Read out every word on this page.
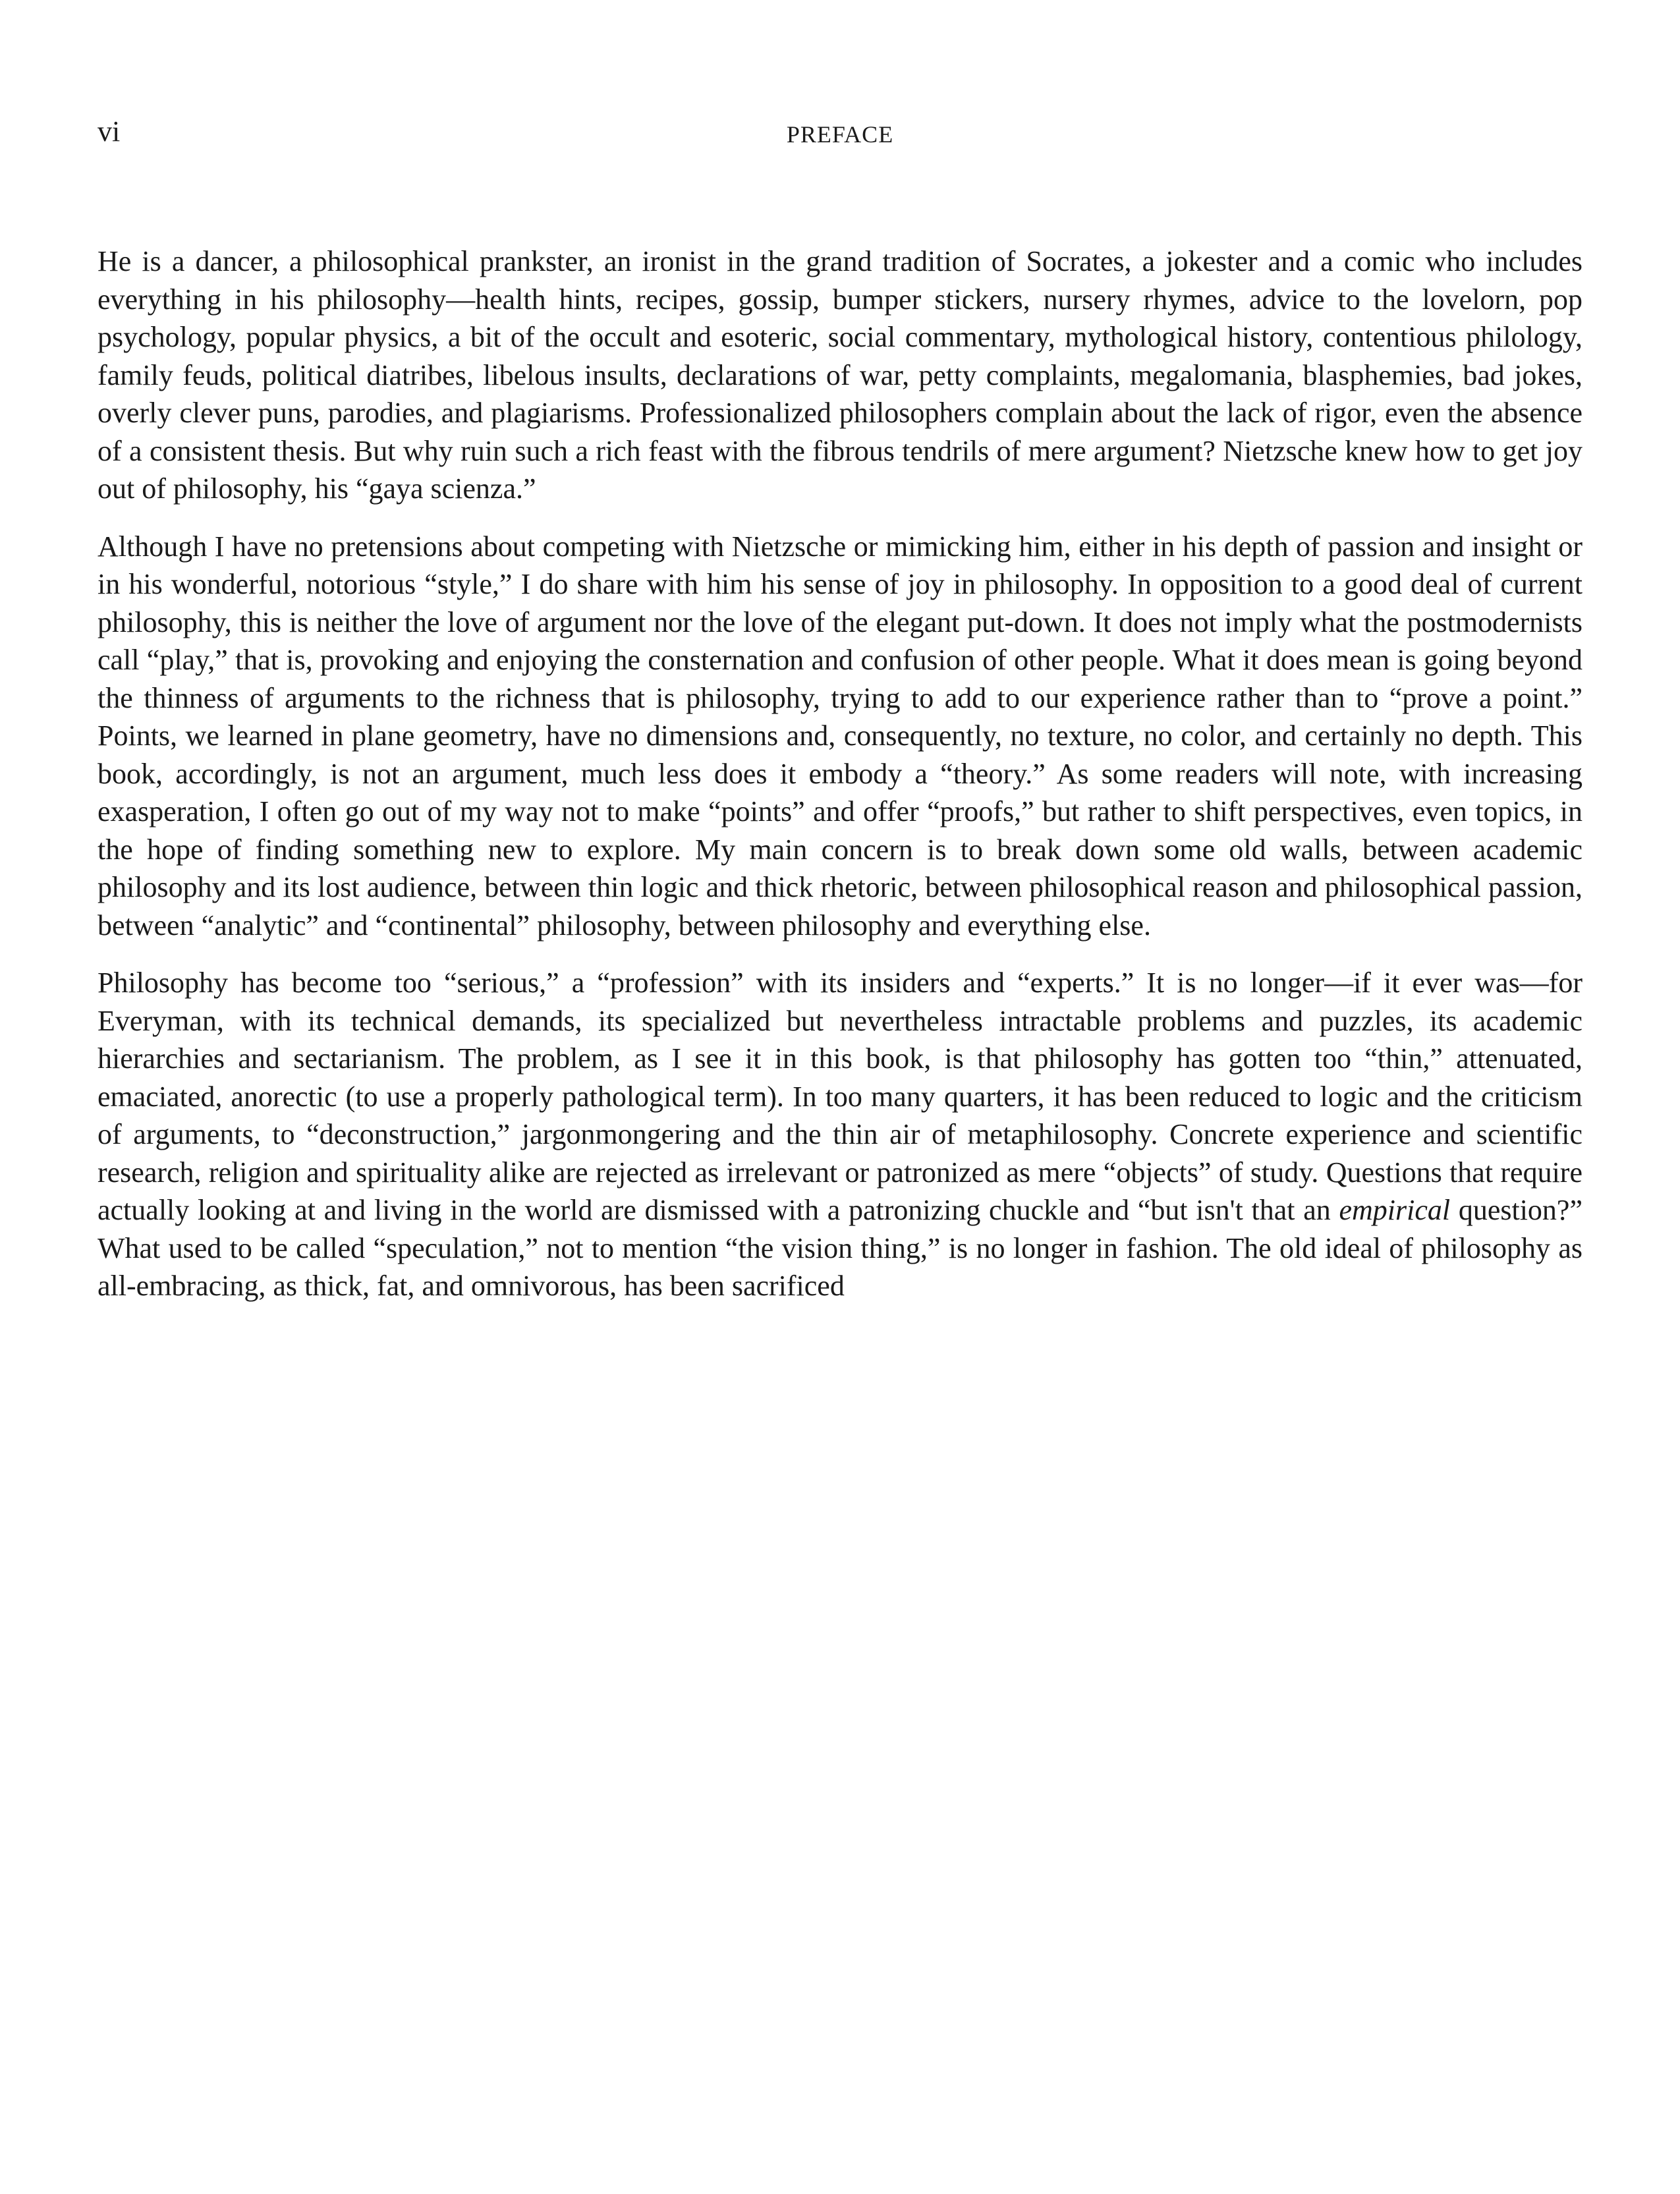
vi	PREFACE

He is a dancer, a philosophical prankster, an ironist in the grand tradition of Socrates, a jokester and a comic who includes everything in his philosophy—health hints, recipes, gossip, bumper stickers, nursery rhymes, advice to the lovelorn, pop psychology, popular physics, a bit of the occult and esoteric, social commentary, mythological history, contentious philology, family feuds, political diatribes, libelous insults, declarations of war, petty complaints, megalomania, blasphemies, bad jokes, overly clever puns, parodies, and plagiarisms. Professionalized philosophers complain about the lack of rigor, even the absence of a consistent thesis. But why ruin such a rich feast with the fibrous tendrils of mere argument? Nietzsche knew how to get joy out of philosophy, his “gaya scienza.”

Although I have no pretensions about competing with Nietzsche or mimicking him, either in his depth of passion and insight or in his wonderful, notorious “style,” I do share with him his sense of joy in philosophy. In opposition to a good deal of current philosophy, this is neither the love of argument nor the love of the elegant put-down. It does not imply what the postmodernists call “play,” that is, provoking and enjoying the consternation and confusion of other people. What it does mean is going beyond the thinness of arguments to the richness that is philosophy, trying to add to our experience rather than to “prove a point.” Points, we learned in plane geometry, have no dimensions and, consequently, no texture, no color, and certainly no depth. This book, accordingly, is not an argument, much less does it embody a “theory.” As some readers will note, with increasing exasperation, I often go out of my way not to make “points” and offer “proofs,” but rather to shift perspectives, even topics, in the hope of finding something new to explore. My main concern is to break down some old walls, between academic philosophy and its lost audience, between thin logic and thick rhetoric, between philosophical reason and philosophical passion, between “analytic” and “continental” philosophy, between philosophy and everything else.

Philosophy has become too “serious,” a “profession” with its insiders and “experts.” It is no longer—if it ever was—for Everyman, with its technical demands, its specialized but nevertheless intractable problems and puzzles, its academic hierarchies and sectarianism. The problem, as I see it in this book, is that philosophy has gotten too “thin,” attenuated, emaciated, anorectic (to use a properly pathological term). In too many quarters, it has been reduced to logic and the criticism of arguments, to “deconstruction,” jargonmongering and the thin air of metaphilosophy. Concrete experience and scientific research, religion and spirituality alike are rejected as irrelevant or patronized as mere “objects” of study. Questions that require actually looking at and living in the world are dismissed with a patronizing chuckle and “but isn't that an empirical question?” What used to be called “speculation,” not to mention “the vision thing,” is no longer in fashion. The old ideal of philosophy as all-embracing, as thick, fat, and omnivorous, has been sacrificed
